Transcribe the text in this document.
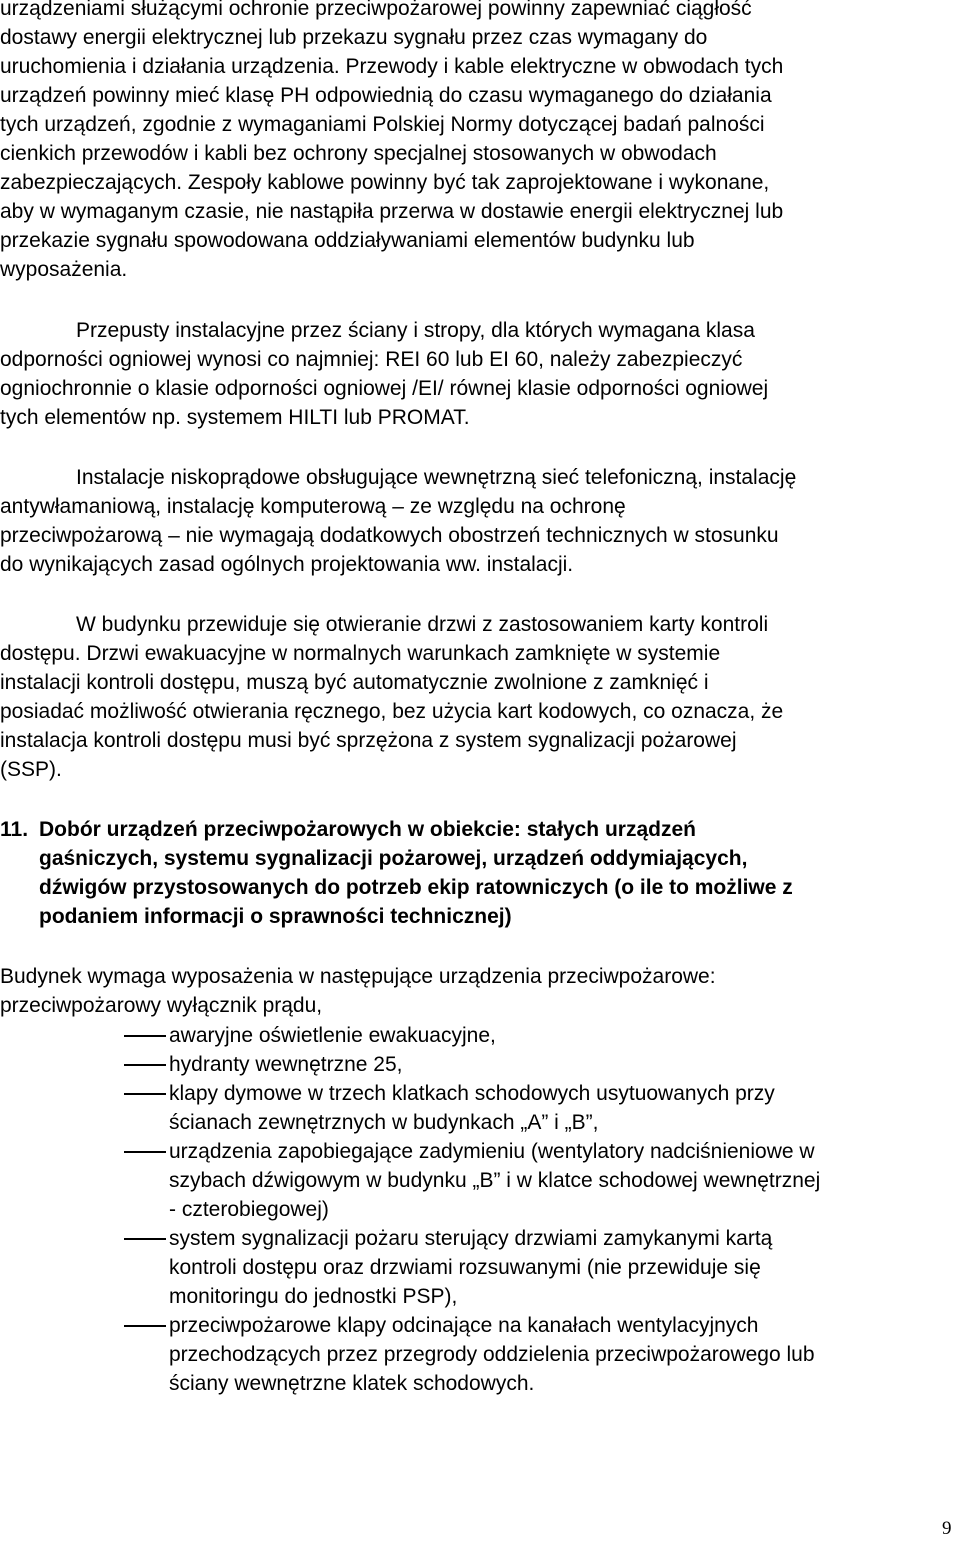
urządzeniami służącymi ochronie przeciwpożarowej powinny zapewniać ciągłość
dostawy energii elektrycznej lub przekazu sygnału przez czas wymagany do
uruchomienia i działania urządzenia. Przewody i kable elektryczne w obwodach tych
urządzeń powinny mieć klasę PH odpowiednią do czasu wymaganego do działania
tych urządzeń, zgodnie z wymaganiami Polskiej Normy dotyczącej badań palności
cienkich przewodów i kabli bez ochrony specjalnej stosowanych w obwodach
zabezpieczających. Zespoły kablowe powinny być tak zaprojektowane i wykonane,
aby w wymaganym czasie, nie nastąpiła przerwa w dostawie energii elektrycznej lub
przekazie sygnału spowodowana oddziaływaniami elementów budynku lub
wyposażenia.
Przepusty instalacyjne przez ściany i stropy, dla których wymagana klasa
odporności ogniowej wynosi co najmniej: REI 60 lub EI 60, należy zabezpieczyć
ogniochronnie o klasie odporności ogniowej /EI/ równej klasie odporności ogniowej
tych elementów np. systemem HILTI lub PROMAT.
Instalacje niskoprądowe obsługujące wewnętrzną sieć telefoniczną, instalację
antywłamaniową, instalację komputerową – ze względu na ochronę
przeciwpożarową – nie wymagają dodatkowych obostrzeń technicznych w stosunku
do wynikających zasad ogólnych projektowania ww. instalacji.
W budynku przewiduje się otwieranie drzwi z zastosowaniem karty kontroli
dostępu. Drzwi ewakuacyjne w normalnych warunkach zamknięte w systemie
instalacji kontroli dostępu, muszą być automatycznie zwolnione z zamknięć i
posiadać możliwość otwierania ręcznego, bez użycia kart kodowych, co oznacza, że
instalacja kontroli dostępu musi być sprzężona z system sygnalizacji pożarowej
(SSP).
11. Dobór urządzeń przeciwpożarowych w obiekcie: stałych urządzeń
gaśniczych, systemu sygnalizacji pożarowej, urządzeń oddymiających,
dźwigów przystosowanych do potrzeb ekip ratowniczych (o ile to możliwe z
podaniem informacji o sprawności technicznej)
Budynek wymaga wyposażenia w następujące urządzenia przeciwpożarowe:
przeciwpożarowy wyłącznik prądu,
awaryjne oświetlenie ewakuacyjne,
hydranty wewnętrzne 25,
klapy dymowe w trzech klatkach schodowych usytuowanych przy
ścianach zewnętrznych w budynkach „A” i „B”,
urządzenia zapobiegające zadymieniu (wentylatory nadciśnieniowe w
szybach dźwigowym w budynku „B” i w klatce schodowej wewnętrznej
- czterobiegowej)
system sygnalizacji pożaru sterujący drzwiami zamykanymi kartą
kontroli dostępu oraz drzwiami rozsuwanymi (nie przewiduje się
monitoringu do jednostki PSP),
przeciwpożarowe klapy odcinające na kanałach wentylacyjnych
przechodzących przez przegrody oddzielenia przeciwpożarowego lub
ściany wewnętrzne klatek schodowych.
9
